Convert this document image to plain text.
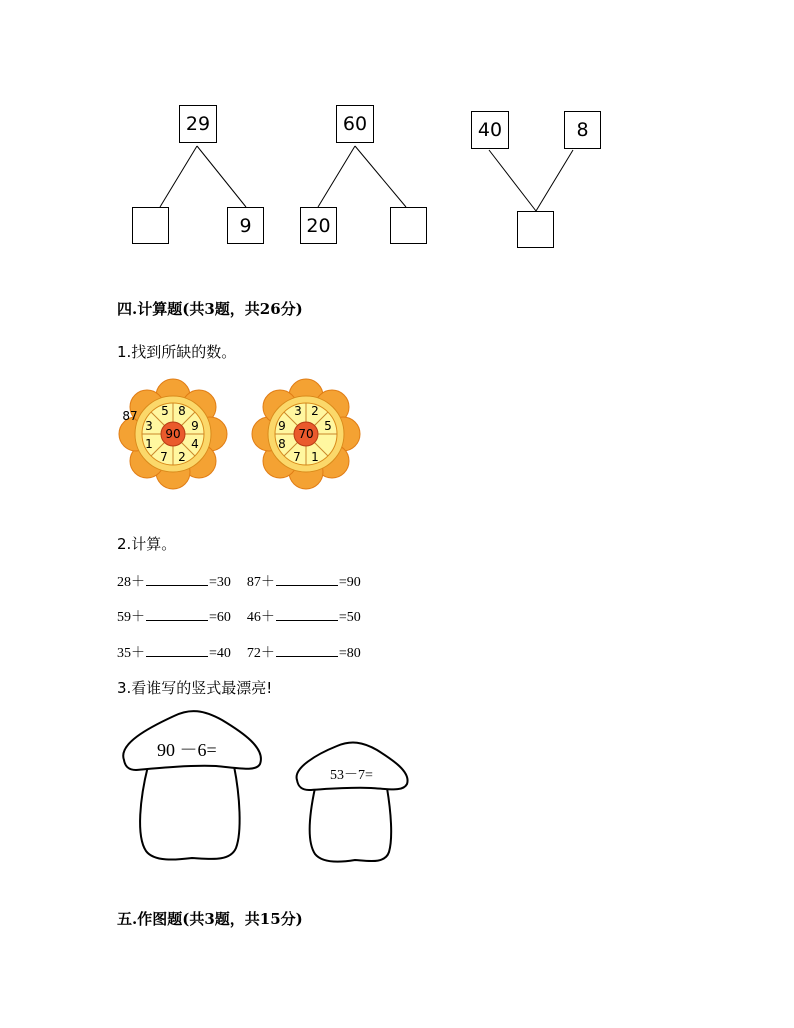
29
9
60
20
40	8
四.计算题(共3题，共26分)
1.找到所缺的数。
90
87 5 8
9
4
2
7
1
3
70
3 2
5
1
7
8
9
2.计算。
28＋	=30 87＋	=90
59＋	=60 46＋	=50
35＋	=40 72＋	=80
3.看谁写的竖式最漂亮!
90 －6=
53－7=
五.作图题(共3题，共15分)
